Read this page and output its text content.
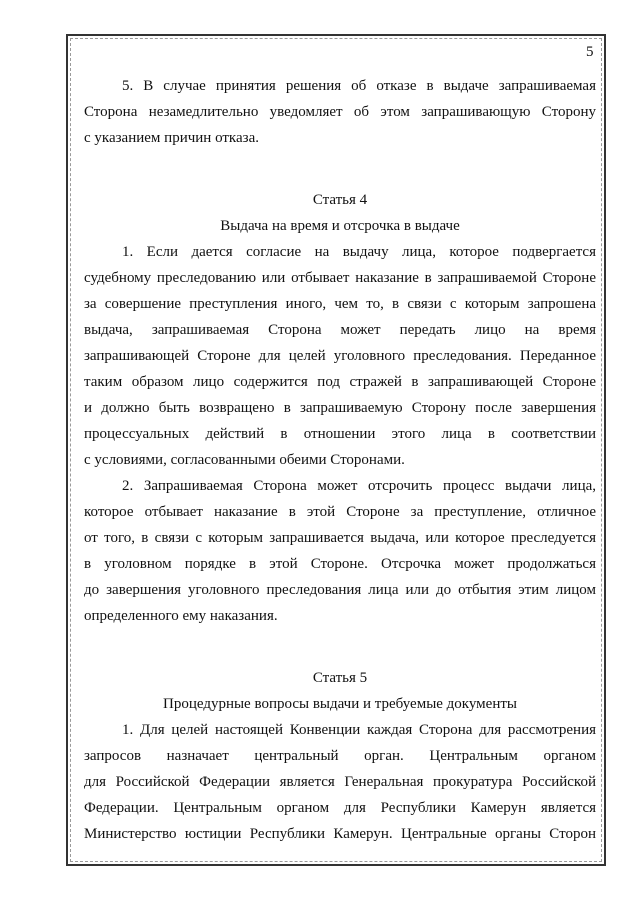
5

5. В случае принятия решения об отказе в выдаче запрашиваемая
Сторона незамедлительно уведомляет об этом запрашивающую Сторону
с указанием причин отказа.

Статья 4
Выдача на время и отсрочка в выдаче

1. Если дается согласие на выдачу лица, которое подвергается
судебному преследованию или отбывает наказание в запрашиваемой Стороне
за совершение преступления иного, чем то, в связи с которым запрошена
выдача, запрашиваемая Сторона может передать лицо на время
запрашивающей Стороне для целей уголовного преследования. Переданное
таким образом лицо содержится под стражей в запрашивающей Стороне
и должно быть возвращено в запрашиваемую Сторону после завершения
процессуальных действий в отношении этого лица в соответствии
с условиями, согласованными обеими Сторонами.

2. Запрашиваемая Сторона может отсрочить процесс выдачи лица,
которое отбывает наказание в этой Стороне за преступление, отличное
от того, в связи с которым запрашивается выдача, или которое преследуется
в уголовном порядке в этой Стороне. Отсрочка может продолжаться
до завершения уголовного преследования лица или до отбытия этим лицом
определенного ему наказания.

Статья 5
Процедурные вопросы выдачи и требуемые документы

1. Для целей настоящей Конвенции каждая Сторона для рассмотрения
запросов назначает центральный орган. Центральным органом
для Российской Федерации является Генеральная прокуратура Российской
Федерации. Центральным органом для Республики Камерун является
Министерство юстиции Республики Камерун. Центральные органы Сторон
